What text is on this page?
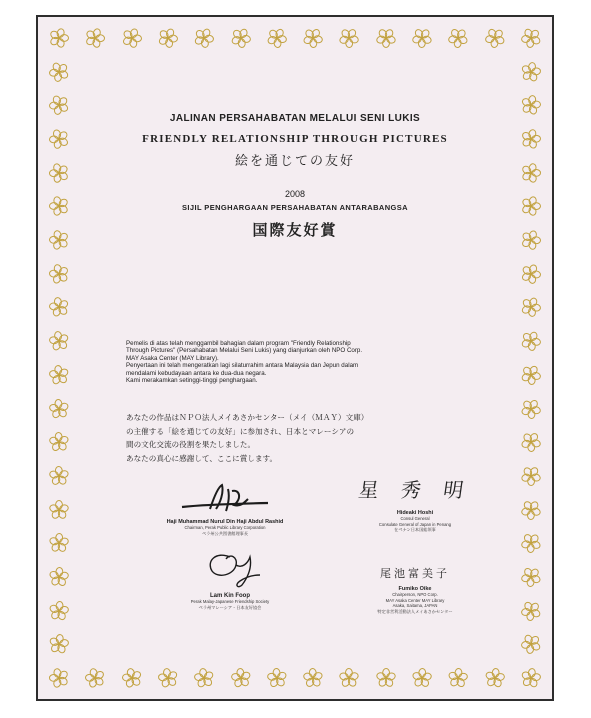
JALINAN PERSAHABATAN MELALUI SENI LUKIS
FRIENDLY RELATIONSHIP THROUGH PICTURES
絵を通じての友好
2008
SIJIL PENGHARGAAN PERSAHABATAN ANTARABANGSA
国際友好賞

Pemelis di atas telah menggambil bahagian dalam program "Friendly Relationship

Through Pictures" (Persahabatan Melalui Seni Lukis) yang dianjurkan oleh NPO Corp.

MAY Asaka Center (MAY Library).

Penyertaan ini telah mengeratkan lagi silaturrahim antara Malaysia dan Jepun dalam

mendalami kebudayaan antara ke dua-dua negara.

Kami merakamkan setinggi-tinggi penghargaan.

あなたの作品はＮＰＯ法人メイあさかセンター（メイ（ＭＡＹ）文庫）

の主催する「絵を通じての友好」に参加され、日本とマレーシアの

間の文化交流の役割を果たしました。

あなたの真心に感謝して、ここに賞します。

Haji Muhammad Nurul Din Haji Abdul Rashid
Chairman, Perak Public Library Corporation
ペラ州公共図書館理事長
星 秀 明
Hideaki Hoshi
Consul General
Consulate General of Japan in Penang
在ペナン日本国総領事
Lam Kin Foop
Perak Malay-Japanese Friendship Society
ペラ州マレーシア・日本友好協会
尾池富美子
Fumiko Oike
Chairperson, NPO Corp.
MAY Asaka Center MAY Library
Asaka, Saitama, JAPAN
特定非営利活動法人メイあさかセンター
